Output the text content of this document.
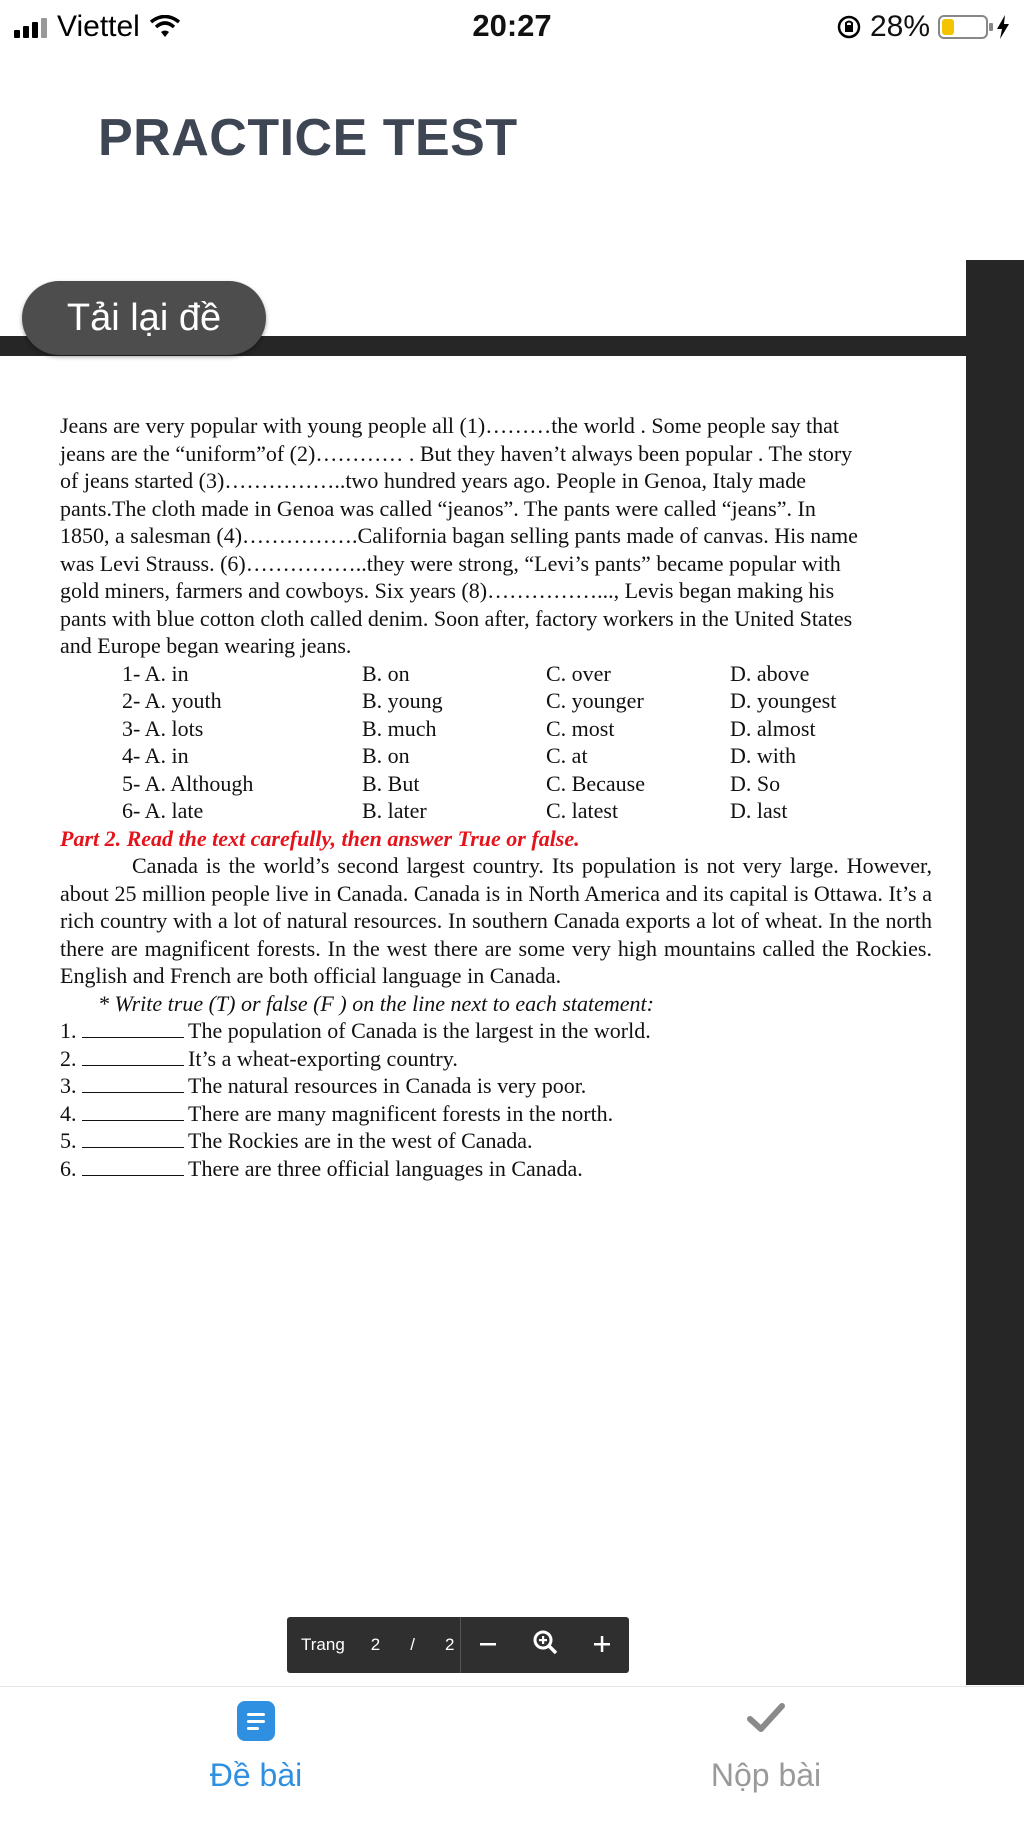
Viettel	20:27	28%
PRACTICE TEST
Tải lại đề
Jeans are very popular with young people all (1)………the world . Some people say that
jeans are the “uniform”of (2)………… . But they haven’t always been popular . The story
of jeans started (3)……………..two hundred years ago. People in Genoa, Italy made
pants.The cloth made in Genoa was called “jeanos”. The pants were called “jeans”. In
1850, a salesman (4)…………….California bagan selling pants made of canvas. His name
was Levi Strauss. (6)……………..they were strong, “Levi’s pants” became popular with
gold miners, farmers and cowboys. Six years (8)……………..., Levis began making his
pants with blue cotton cloth called denim. Soon after, factory workers in the United States
and Europe began wearing jeans.
1- A. in	B. on	C. over	D. above
2- A. youth	B. young	C. younger	D. youngest
3- A. lots	B. much	C. most	D. almost
4- A. in	B. on	C. at	D. with
5- A. Although	B. But	C. Because	D. So
6- A. late	B. later	C. latest	D. last
Part 2. Read the text carefully, then answer True or false.
Canada is the world’s second largest country. Its population is not very large. However, about 25 million people live in Canada. Canada is in North America and its capital is Ottawa. It’s a rich country with a lot of natural resources. In southern Canada exports a lot of wheat. In the north there are magnificent forests. In the west there are some very high mountains called the Rockies. English and French are both official language in Canada.
* Write true (T) or false (F ) on the line next to each statement:
1.	The population of Canada is the largest in the world.
2.	It’s a wheat-exporting country.
3.	The natural resources in Canada is very poor.
4.	There are many magnificent forests in the north.
5.	The Rockies are in the west of Canada.
6.	There are three official languages in Canada.
Trang 2 / 2
Đề bài	Nộp bài
